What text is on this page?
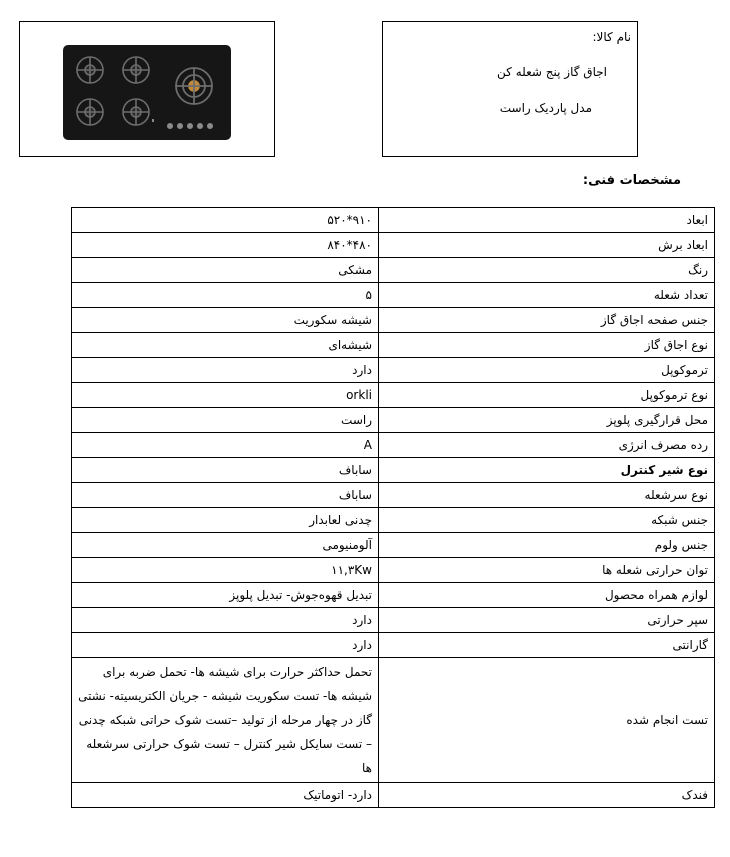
نام کالا:
اجاق گاز پنج شعله کن
مدل پاردیک راست
مشخصات فنی:
ابعاد	۹۱۰*۵۲۰
ابعاد برش	۴۸۰*۸۴۰
رنگ	مشکی
تعداد شعله	۵
جنس صفحه اجاق گاز	شیشه سکوریت
نوع اجاق گاز	شیشه‌ای
ترموکوپل	دارد
نوع ترموکوپل	orkli
محل قرارگیری پلوپز	راست
رده مصرف انرژی	A
نوع شیر کنترل	ساباف
نوع سرشعله	ساباف
جنس شبکه	چدنی لعابدار
جنس ولوم	آلومنیومی
توان حرارتی شعله ها	۱۱,۳Kw
لوازم همراه محصول	تبدیل قهوه‌جوش- تبدیل پلوپز
سپر حرارتی	دارد
گارانتی	دارد
تست انجام شده	تحمل حداکثر حرارت برای شیشه ها- تحمل ضربه برای شیشه ها- تست سکوریت شیشه - جریان الکتریسیته- نشتی گاز در چهار مرحله از تولید –تست شوک حراتی شبکه چدنی – تست سایکل شیر کنترل – تست شوک حرارتی سرشعله ها
فندک	دارد- اتوماتیک
